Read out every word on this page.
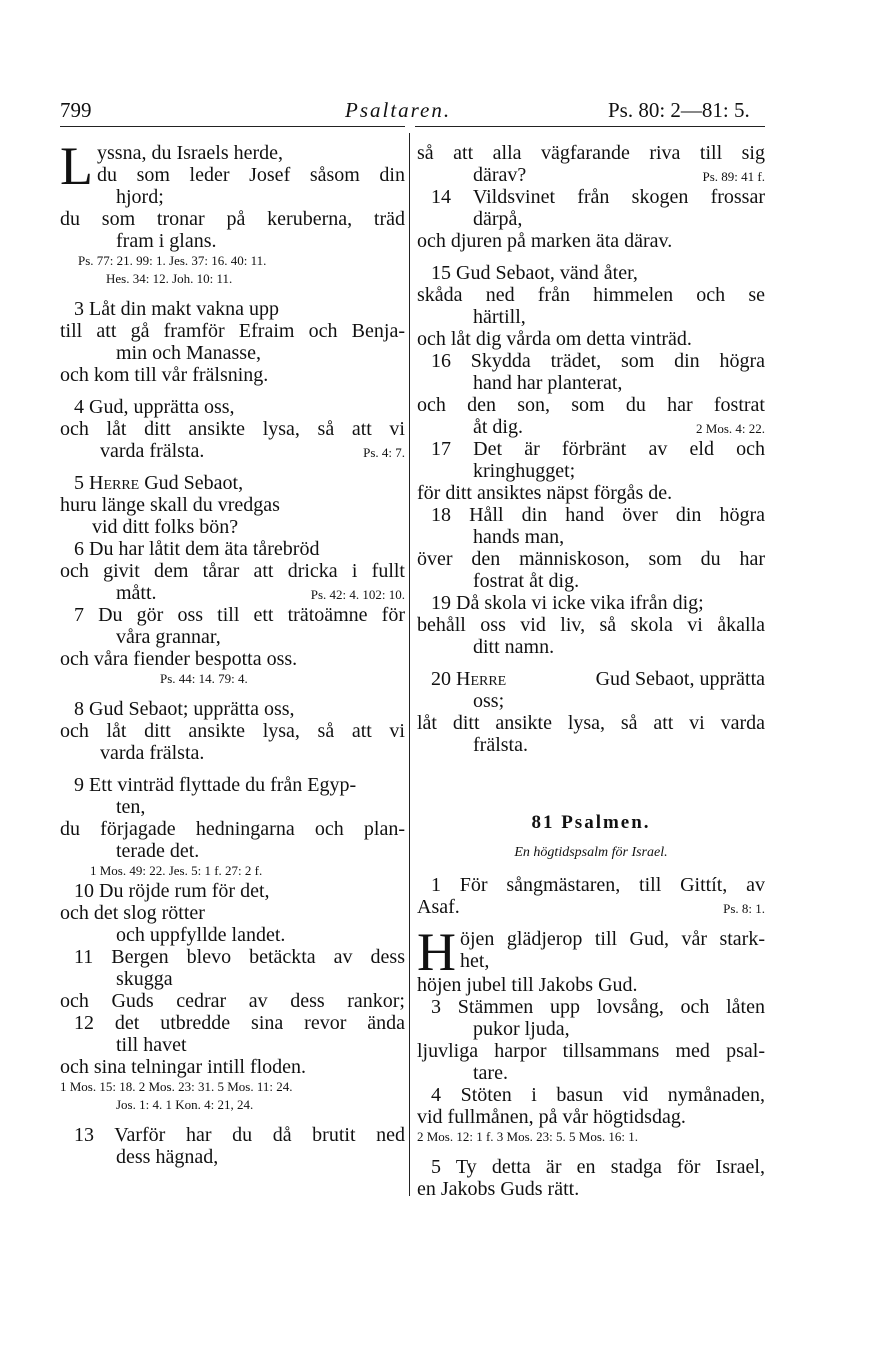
799	Psaltaren.	Ps. 80: 2—81: 5.
L yssna, du Israels herde,
du som leder Josef såsom din
hjord;
du som tronar på keruberna, träd
fram i glans.
Ps. 77: 21. 99: 1. Jes. 37: 16. 40: 11.
Hes. 34: 12. Joh. 10: 11.
3 Låt din makt vakna upp
till att gå framför Efraim och Benja-
min och Manasse,
och kom till vår frälsning.
4 Gud, upprätta oss,
och låt ditt ansikte lysa, så att vi
varda frälsta.	Ps. 4: 7.
5 Herre Gud Sebaot,
huru länge skall du vredgas
vid ditt folks bön?
6 Du har låtit dem äta tårebröd
och givit dem tårar att dricka i fullt
mått.	Ps. 42: 4. 102: 10.
7 Du gör oss till ett trätoämne för
våra grannar,
och våra fiender bespotta oss.
Ps. 44: 14. 79: 4.
8 Gud Sebaot; upprätta oss,
och låt ditt ansikte lysa, så att vi
varda frälsta.
9 Ett vinträd flyttade du från Egyp-
ten,
du förjagade hedningarna och plan-
terade det.
1 Mos. 49: 22. Jes. 5: 1 f. 27: 2 f.
10 Du röjde rum för det,
och det slog rötter
och uppfyllde landet.
11 Bergen blevo betäckta av dess
skugga
och Guds cedrar av dess rankor;
12 det utbredde sina revor ända
till havet
och sina telningar intill floden.
1 Mos. 15: 18. 2 Mos. 23: 31. 5 Mos. 11: 24.
Jos. 1: 4. 1 Kon. 4: 21, 24.
13 Varför har du då brutit ned
dess hägnad,
så att alla vägfarande riva till sig
därav?	Ps. 89: 41 f.
14 Vildsvinet från skogen frossar
därpå,
och djuren på marken äta därav.
15 Gud Sebaot, vänd åter,
skåda ned från himmelen och se
härtill,
och låt dig vårda om detta vinträd.
16 Skydda trädet, som din högra
hand har planterat,
och den son, som du har fostrat
åt dig.	2 Mos. 4: 22.
17 Det är förbränt av eld och
kringhugget;
för ditt ansiktes näpst förgås de.
18 Håll din hand över din högra
hands man,
över den människoson, som du har
fostrat åt dig.
19 Då skola vi icke vika ifrån dig;
behåll oss vid liv, så skola vi åkalla
ditt namn.
20 Herre	Gud Sebaot, upprätta
oss;
låt ditt ansikte lysa, så att vi varda
frälsta.
81 Psalmen.
En högtidspsalm för Israel.
1 För sångmästaren, till Gittít, av
Asaf.	Ps. 8: 1.
H öjen glädjerop till Gud, vår stark-
het,
höjen jubel till Jakobs Gud.
3 Stämmen upp lovsång, och låten
pukor ljuda,
ljuvliga harpor tillsammans med psal-
tare.
4 Stöten i basun vid nymånaden,
vid fullmånen, på vår högtidsdag.
2 Mos. 12: 1 f. 3 Mos. 23: 5. 5 Mos. 16: 1.
5 Ty detta är en stadga för Israel,
en Jakobs Guds rätt.
